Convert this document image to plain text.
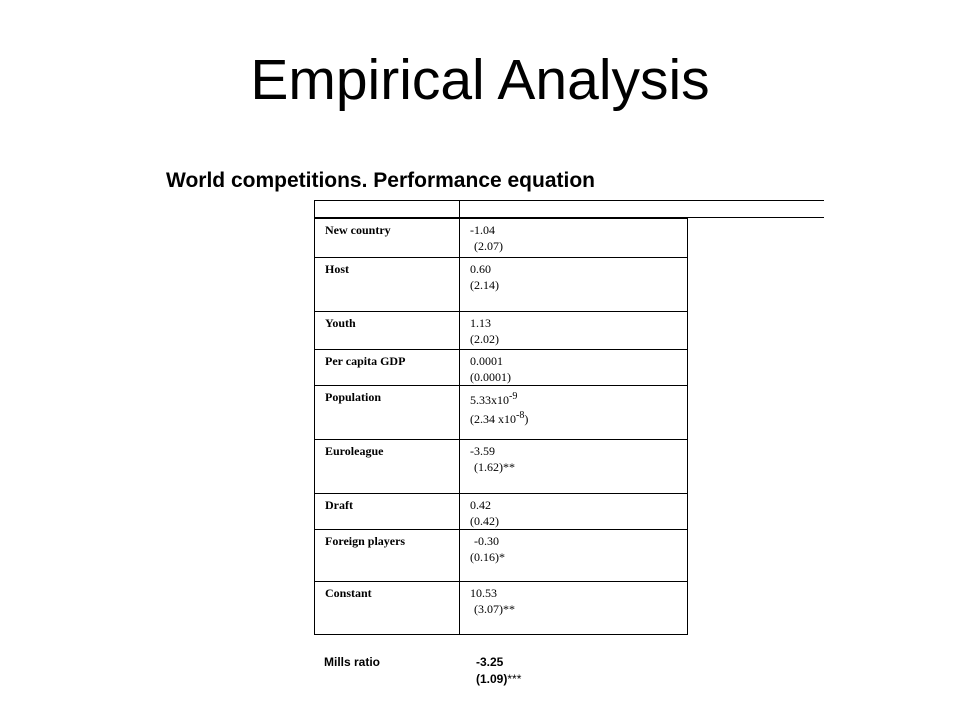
Empirical Analysis
World competitions. Performance equation
New country	-1.04
(2.07)

Host	0.60
(2.14)

Youth	1.13
(2.02)

Per capita GDP	0.0001
(0.0001)

Population	$5.33x10^{-9}$
(2.34 $x10^{-8}$)

Euroleague	-3.59
(1.62)**

Draft	0.42
(0.42)

Foreign players	-0.30
(0.16)*

Constant	10.53
(3.07)**
Mills ratio	-3.25
(1.09)***
